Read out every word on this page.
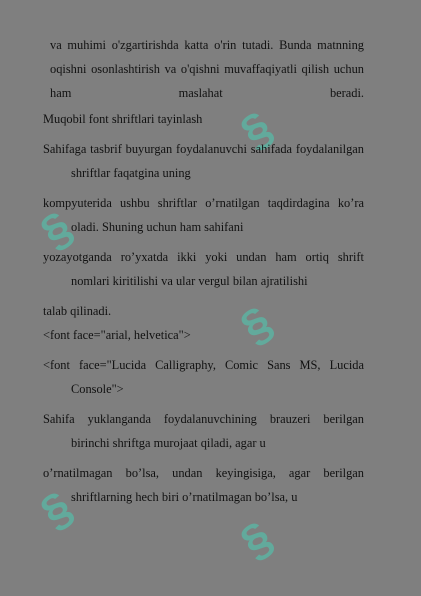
§
§
§
§
§
va muhimi o'zgartirishda katta o'rin tutadi. Bunda matnning oqishni osonlashtirish va o'qishni muvaffaqiyatli qilish uchun ham maslahat beradi.
Muqobil font shriftlari tayinlash
Sahifaga tasbrif buyurgan foydalanuvchi sahifada foydalanilgan shriftlar faqatgina uning
kompyuterida ushbu shriftlar o’rnatilgan taqdirdagina ko’ra oladi. Shuning uchun ham sahifani
yozayotganda ro’yxatda ikki yoki undan ham ortiq shrift nomlari kiritilishi va ular vergul bilan ajratilishi
talab qilinadi.
<font face="arial, helvetica">
<font face="Lucida Calligraphy, Comic Sans MS, Lucida Console">
Sahifa yuklanganda foydalanuvchining brauzeri berilgan birinchi shriftga murojaat qiladi, agar u
o’rnatilmagan bo’lsa, undan keyingisiga, agar berilgan shriftlarning hech biri o’rnatilmagan bo’lsa, u
